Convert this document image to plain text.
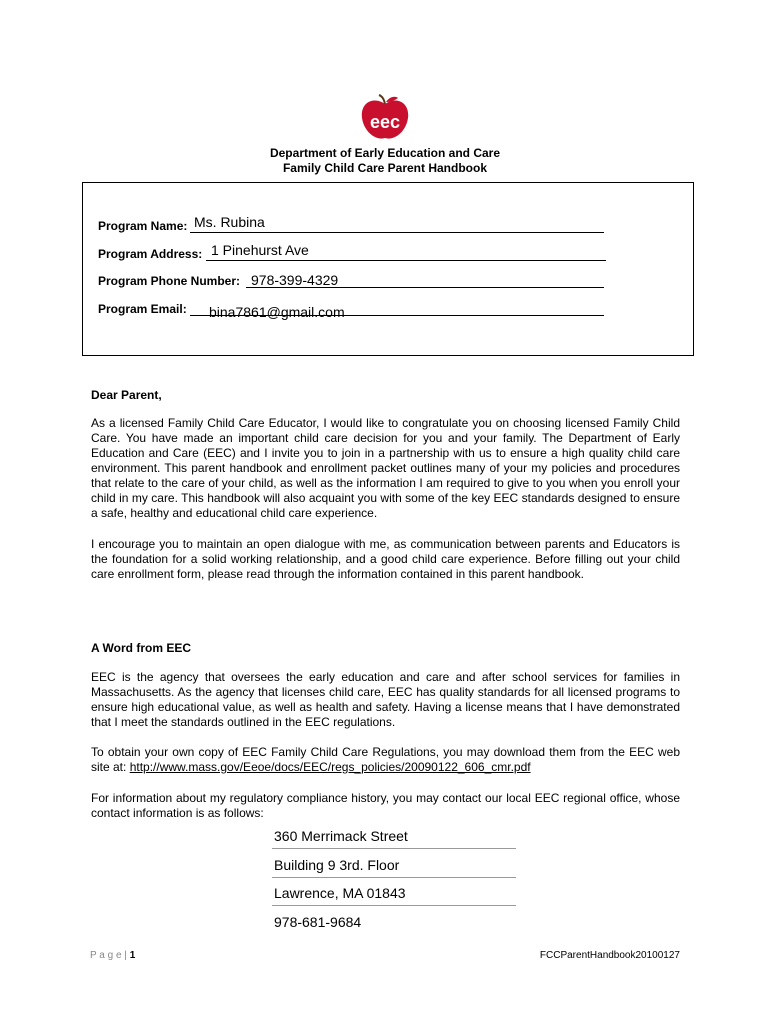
eec
Department of Early Education and Care
Family Child Care Parent Handbook
Program Name: Ms. Rubina
Program Address: 1 Pinehurst Ave
Program Phone Number: 978-399-4329
Program Email: bina7861@gmail.com
Dear Parent,
As a licensed Family Child Care Educator, I would like to congratulate you on choosing licensed Family Child Care. You have made an important child care decision for you and your family. The Department of Early Education and Care (EEC) and I invite you to join in a partnership with us to ensure a high quality child care environment. This parent handbook and enrollment packet outlines many of your my policies and procedures that relate to the care of your child, as well as the information I am required to give to you when you enroll your child in my care. This handbook will also acquaint you with some of the key EEC standards designed to ensure a safe, healthy and educational child care experience.
I encourage you to maintain an open dialogue with me, as communication between parents and Educators is the foundation for a solid working relationship, and a good child care experience. Before filling out your child care enrollment form, please read through the information contained in this parent handbook.
A Word from EEC
EEC is the agency that oversees the early education and care and after school services for families in Massachusetts. As the agency that licenses child care, EEC has quality standards for all licensed programs to ensure high educational value, as well as health and safety. Having a license means that I have demonstrated that I meet the standards outlined in the EEC regulations.
To obtain your own copy of EEC Family Child Care Regulations, you may download them from the EEC web site at: http://www.mass.gov/Eeoe/docs/EEC/regs_policies/20090122_606_cmr.pdf
For information about my regulatory compliance history, you may contact our local EEC regional office, whose contact information is as follows:
360 Merrimack Street
Building 9 3rd. Floor
Lawrence, MA 01843
978-681-9684
P a g e | 1	FCCParentHandbook20100127
